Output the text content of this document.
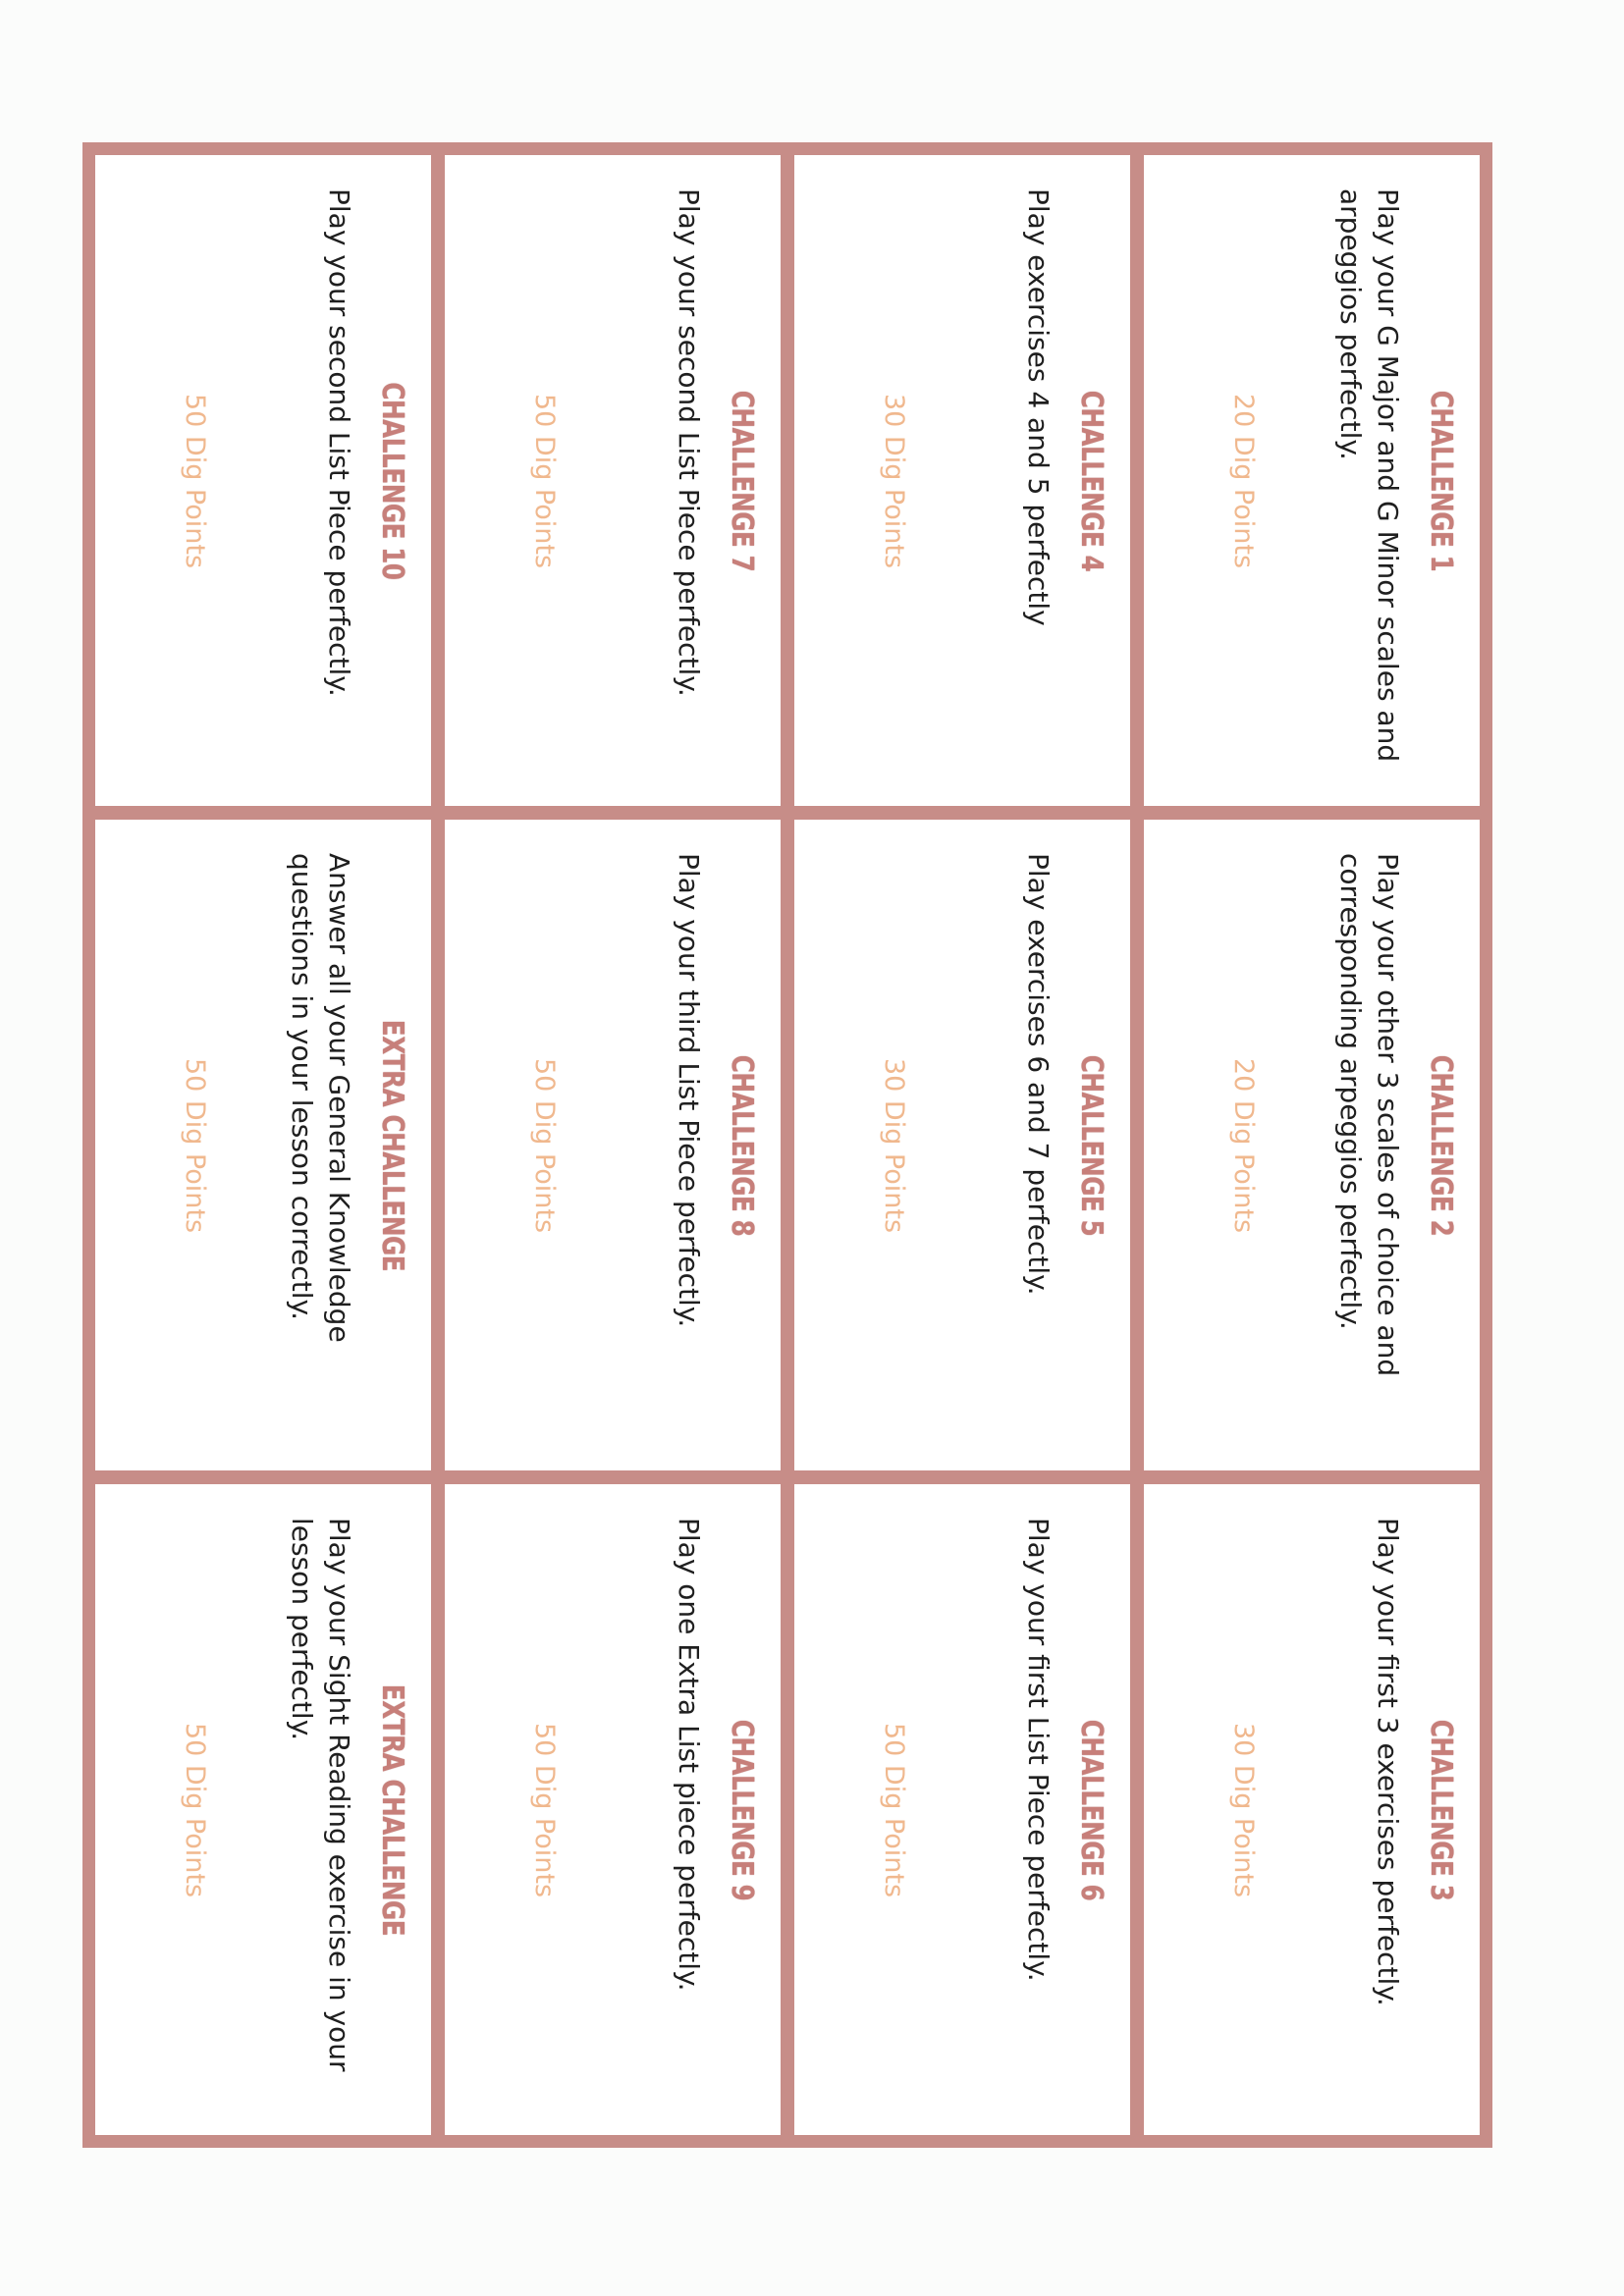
CHALLENGE 10

Play your second List Piece perfectly.

50 Dig Points	CHALLENGE 7

Play your second List Piece perfectly.

50 Dig Points	CHALLENGE 4

Play exercises 4 and 5 perfectly

30 Dig Points	CHALLENGE 1

Play your G Major and G Minor scales and arpeggios perfectly.

20 Dig Points
EXTRA CHALLENGE

Answer all your General Knowledge questions in your lesson correctly.

50 Dig Points	CHALLENGE 8

Play your third List Piece perfectly.

50 Dig Points	CHALLENGE 5

Play exercises 6 and 7 perfectly.

30 Dig Points	CHALLENGE 2

Play your other 3 scales of choice and corresponding arpeggios perfectly.

20 Dig Points
EXTRA CHALLENGE

Play your Sight Reading exercise in your lesson perfectly.

50 Dig Points	CHALLENGE 9

Play one Extra List piece perfectly.

50 Dig Points	CHALLENGE 6

Play your first List Piece perfectly.

50 Dig Points	CHALLENGE 3

Play your first 3 exercises perfectly.

30 Dig Points
